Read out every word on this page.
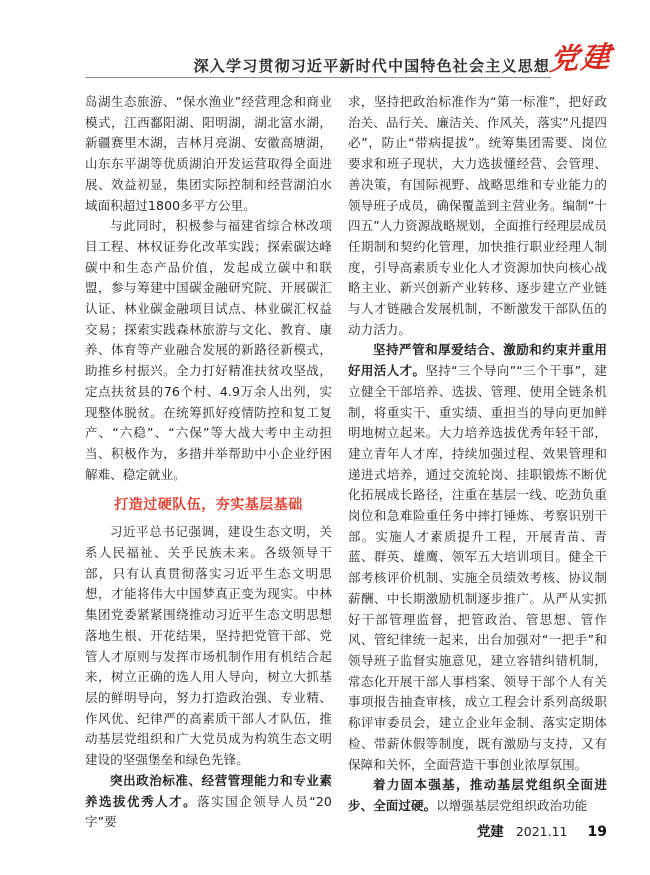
深入学习贯彻习近平新时代中国特色社会主义思想
党建

岛湖生态旅游、“保水渔业”经营理念和商业模式，江西鄱阳湖、阳明湖，湖北富水湖，新疆赛里木湖，吉林月亮湖、安徽高塘湖，山东东平湖等优质湖泊开发运营取得全面进展、效益初显，集团实际控制和经营湖泊水域面积超过1800多平方公里。

与此同时，积极参与福建省综合林改项目工程、林权证券化改革实践；探索碳达峰碳中和生态产品价值，发起成立碳中和联盟，参与筹建中国碳金融研究院、开展碳汇认证、林业碳金融项目试点、林业碳汇权益交易；探索实践森林旅游与文化、教育、康养、体育等产业融合发展的新路径新模式，助推乡村振兴。全力打好精准扶贫攻坚战，定点扶贫县的76个村、4.9万余人出列，实现整体脱贫。在统筹抓好疫情防控和复工复产、“六稳”、“六保”等大战大考中主动担当、积极作为，多措并举帮助中小企业纾困解难、稳定就业。

打造过硬队伍，夯实基层基础

习近平总书记强调，建设生态文明，关系人民福祉、关乎民族未来。各级领导干部，只有认真贯彻落实习近平生态文明思想，才能将伟大中国梦真正变为现实。中林集团党委紧紧围绕推动习近平生态文明思想落地生根、开花结果，坚持把党管干部、党管人才原则与发挥市场机制作用有机结合起来，树立正确的选人用人导向，树立大抓基层的鲜明导向，努力打造政治强、专业精、作风优、纪律严的高素质干部人才队伍，推动基层党组织和广大党员成为构筑生态文明建设的坚强堡垒和绿色先锋。

突出政治标准、经营管理能力和专业素养选拔优秀人才。落实国企领导人员“20字”要

求，坚持把政治标准作为“第一标准”，把好政治关、品行关、廉洁关、作风关，落实“凡提四必”，防止“带病提拔”。统筹集团需要、岗位要求和班子现状，大力选拔懂经营、会管理、善决策，有国际视野、战略思维和专业能力的领导班子成员，确保覆盖到主营业务。编制“十四五”人力资源战略规划，全面推行经理层成员任期制和契约化管理，加快推行职业经理人制度，引导高素质专业化人才资源加快向核心战略主业、新兴创新产业转移、逐步建立产业链与人才链融合发展机制，不断激发干部队伍的动力活力。

坚持严管和厚爱结合、激励和约束并重用好用活人才。坚持“三个导向”“三个干事”，建立健全干部培养、选拔、管理、使用全链条机制，将重实干、重实绩、重担当的导向更加鲜明地树立起来。大力培养选拔优秀年轻干部，建立青年人才库，持续加强过程、效果管理和递进式培养，通过交流轮岗、挂职锻炼不断优化拓展成长路径，注重在基层一线、吃劲负重岗位和急难险重任务中摔打锤炼、考察识别干部。实施人才素质提升工程，开展青苗、青蓝、群英、雄鹰、领军五大培训项目。健全干部考核评价机制、实施全员绩效考核、协议制薪酬、中长期激励机制逐步推广。从严从实抓好干部管理监督，把管政治、管思想、管作风、管纪律统一起来，出台加强对“一把手”和领导班子监督实施意见，建立容错纠错机制，常态化开展干部人事档案、领导干部个人有关事项报告抽查审核，成立工程会计系列高级职称评审委员会，建立企业年金制、落实定期体检、带薪休假等制度，既有激励与支持，又有保障和关怀，全面营造干事创业浓厚氛围。

着力固本强基，推动基层党组织全面进步、全面过硬。以增强基层党组织政治功能

党建 2021.11 19
